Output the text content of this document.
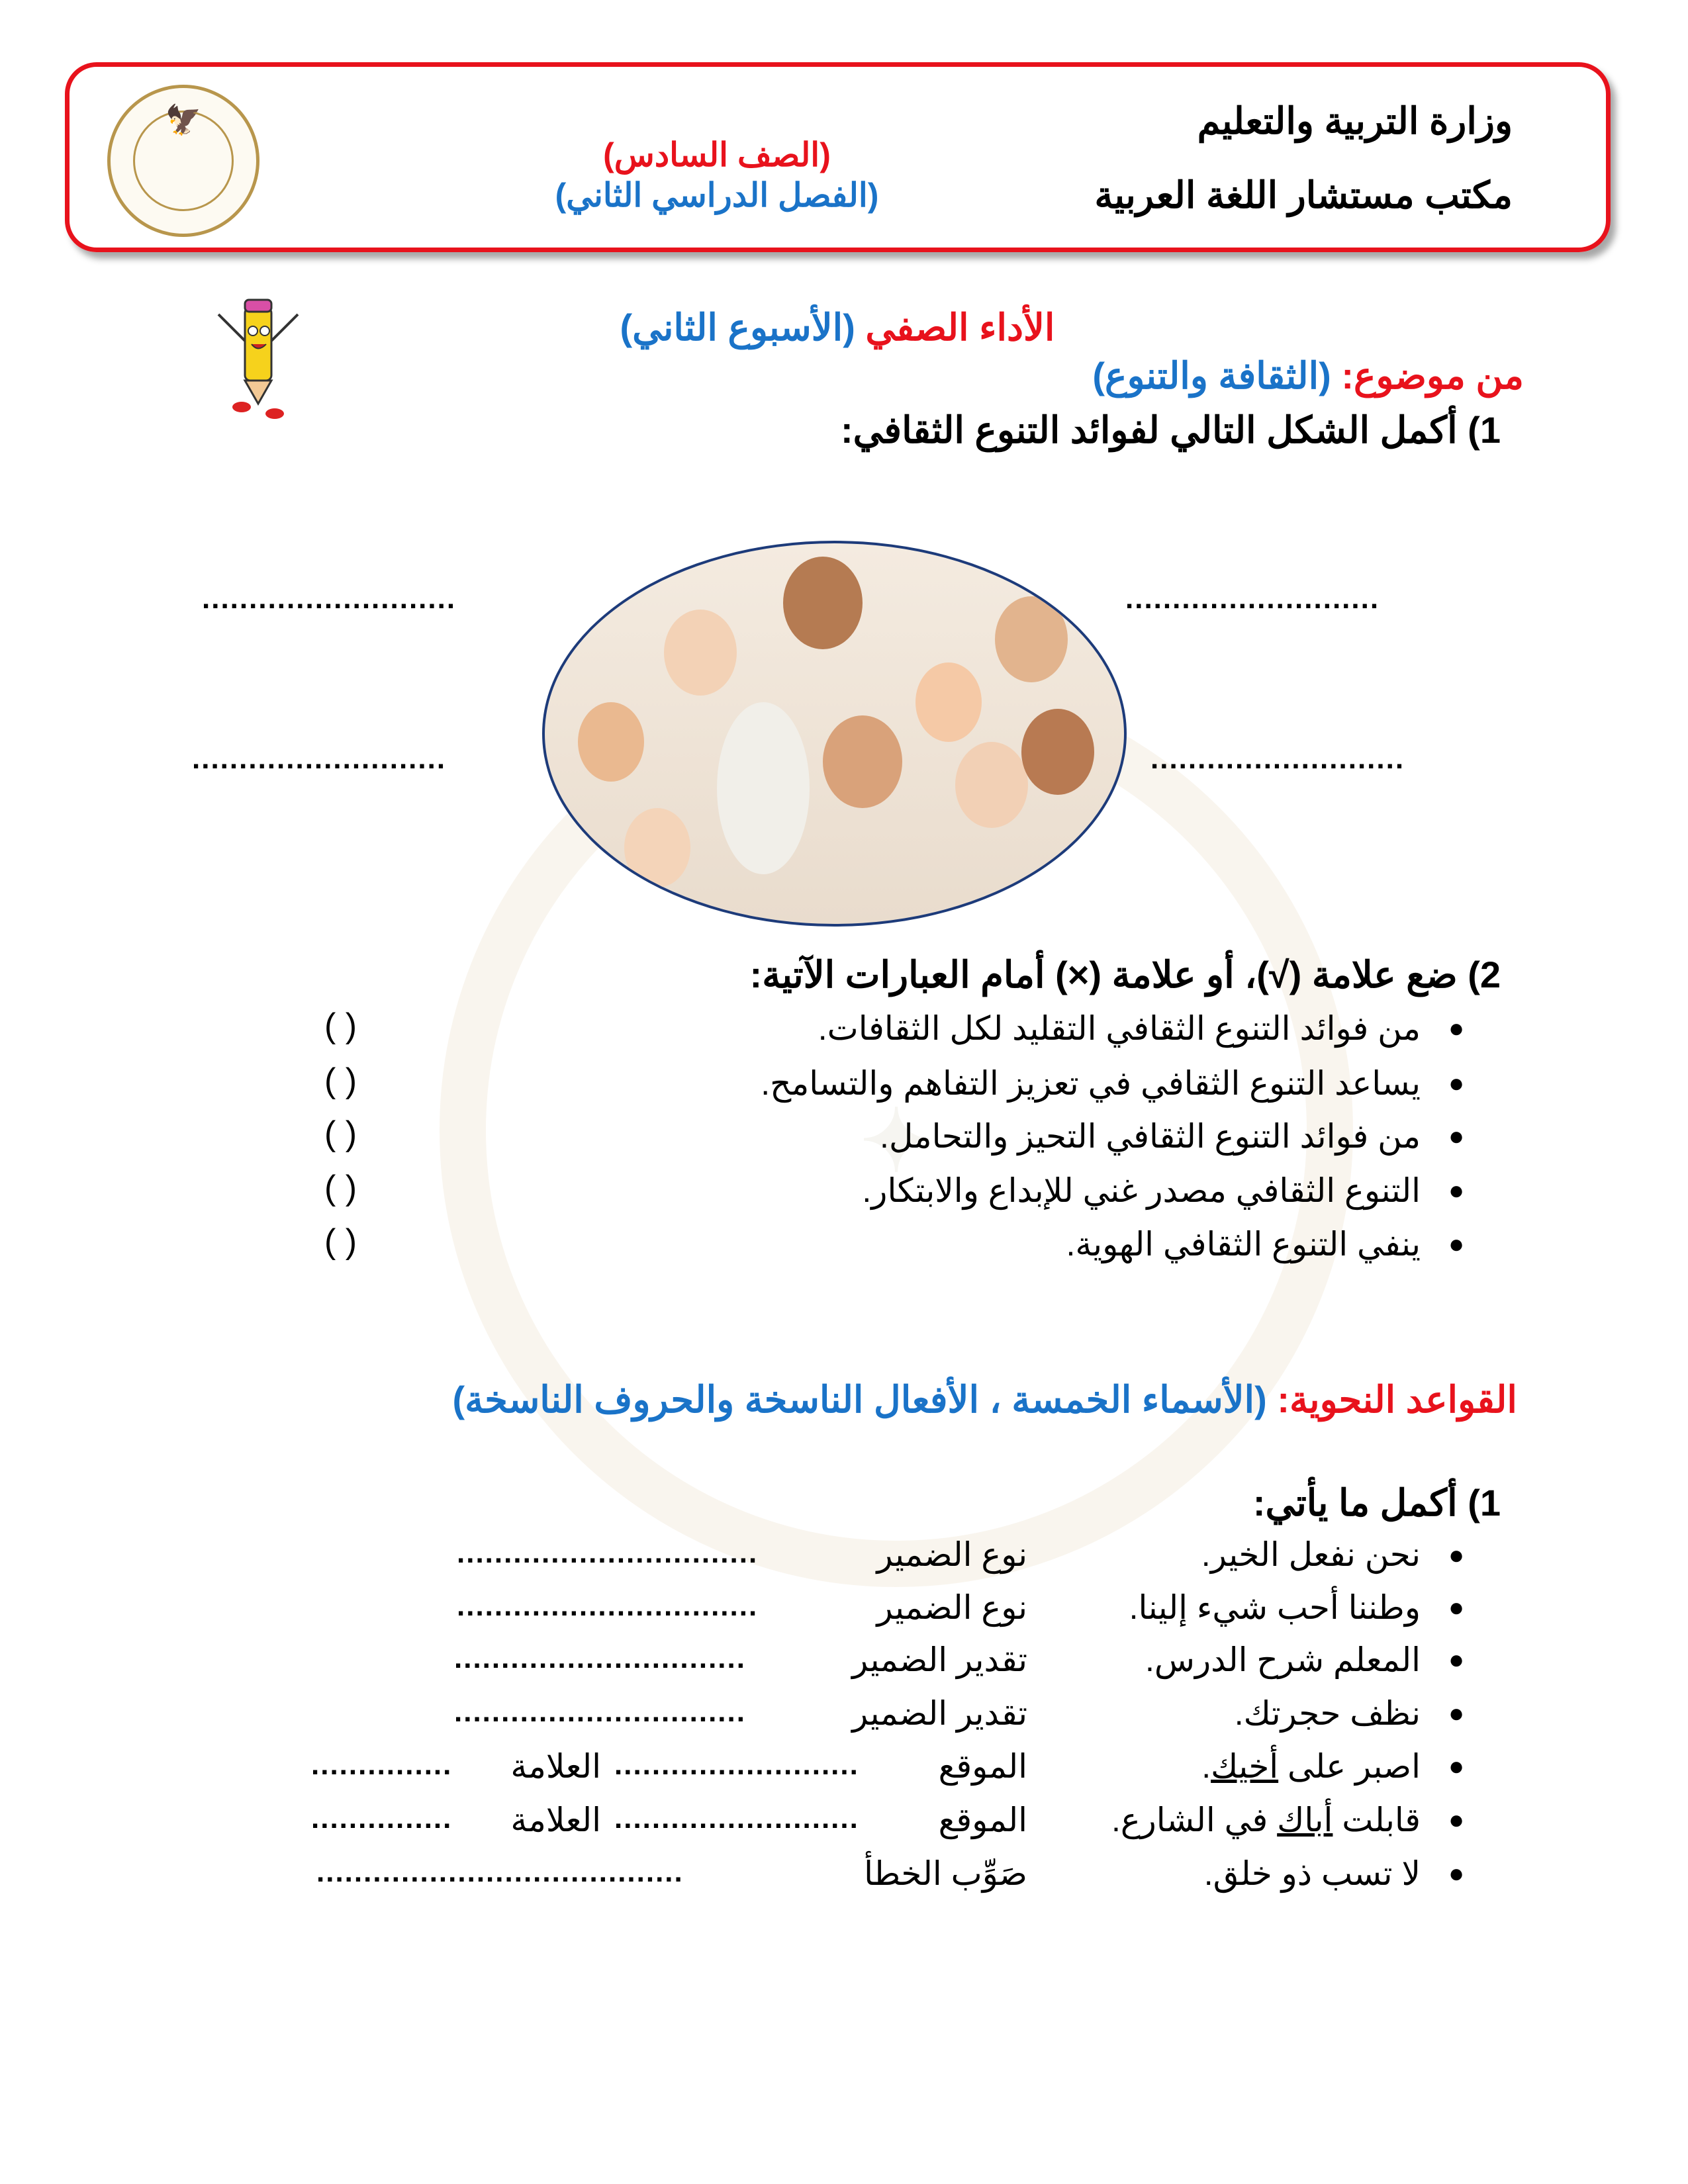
✦
🦅	وزارة التربية والتعليم
مكتب مستشار اللغة العربية
(الصف السادس)
(الفصل الدراسي الثاني)
الأداء الصفي (الأسبوع الثاني)
من موضوع: (الثقافة والتنوع)
1) أكمل الشكل التالي لفوائد التنوع الثقافي:
...........................	...........................
...........................	...........................
2) ضع علامة (√)، أو علامة (×) أمام العبارات الآتية:
●
من فوائد التنوع الثقافي التقليد لكل الثقافات.
( )
●
يساعد التنوع الثقافي في تعزيز التفاهم والتسامح.
( )
●
من فوائد التنوع الثقافي التحيز والتحامل.
( )
●
التنوع الثقافي مصدر غني للإبداع والابتكار.
( )
●
ينفي التنوع الثقافي الهوية.
( )
القواعد النحوية: (الأسماء الخمسة ، الأفعال الناسخة والحروف الناسخة)
1) أكمل ما يأتي:
●
نحن نفعل الخير.
نوع الضمير
................................
●
وطننا أحب شيء إلينا.
نوع الضمير
................................
●
المعلم شرح الدرس.
تقدير الضمير
...............................
●
نظف حجرتك.
تقدير الضمير
...............................
●
اصبر على أخيك.
الموقع
..........................
العلامة
...............
●
قابلت أباك في الشارع.
الموقع
..........................
العلامة
...............
●
لا تسب ذو خلق.
صَوِّب الخطأ
.......................................
